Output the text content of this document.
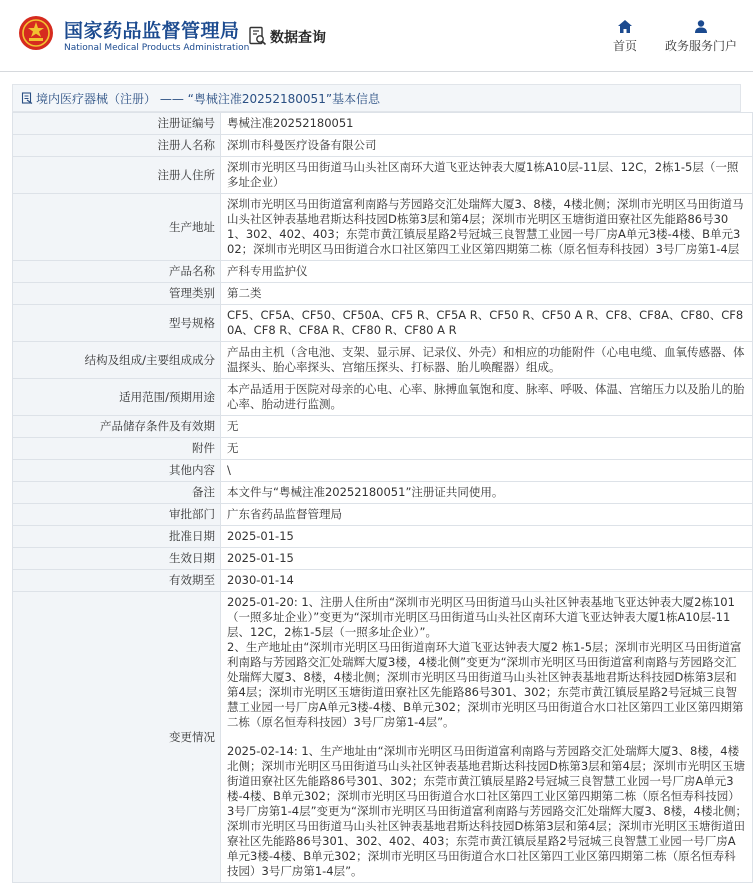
国家药品监督管理局
National Medical Products Administration
数据查询	首页	政务服务门户
境内医疗器械（注册） —— “粤械注准20252180051”基本信息
注册证编号	粤械注准20252180051
注册人名称	深圳市科曼医疗设备有限公司
注册人住所	深圳市光明区马田街道马山头社区南环大道飞亚达钟表大厦1栋A10层-11层、12C，2栋1-5层（一照多址企业）
生产地址	深圳市光明区马田街道富利南路与芳园路交汇处瑞辉大厦3、8楼，4楼北侧；深圳市光明区马田街道马山头社区钟表基地君斯达科技园D栋第3层和第4层；深圳市光明区玉塘街道田寮社区先能路86号301、302、402、403；东莞市黄江镇辰星路2号冠城三良智慧工业园一号厂房A单元3楼-4楼、B单元302；深圳市光明区马田街道合水口社区第四工业区第四期第二栋（原名恒寿科技园）3号厂房第1-4层
产品名称	产科专用监护仪
管理类别	第二类
型号规格	CF5、CF5A、CF50、CF50A、CF5 R、CF5A R、CF50 R、CF50 A R、CF8、CF8A、CF80、CF80A、CF8 R、CF8A R、CF80 R、CF80 A R
结构及组成/主要组成成分	产品由主机（含电池、支架、显示屏、记录仪、外壳）和相应的功能附件（心电电缆、血氧传感器、体温探头、胎心率探头、宫缩压探头、打标器、胎儿唤醒器）组成。
适用范围/预期用途	本产品适用于医院对母亲的心电、心率、脉搏血氧饱和度、脉率、呼吸、体温、宫缩压力以及胎儿的胎心率、胎动进行监测。
产品储存条件及有效期	无
附件	无
其他内容	\
备注	本文件与“粤械注准20252180051”注册证共同使用。
审批部门	广东省药品监督管理局
批准日期	2025-01-15
生效日期	2025-01-15
有效期至	2030-01-14
变更情况	2025-01-20: 1、注册人住所由“深圳市光明区马田街道马山头社区钟表基地飞亚达钟表大厦2栋101（一照多址企业）”变更为“深圳市光明区马田街道马山头社区南环大道飞亚达钟表大厦1栋A10层-11层、12C，2栋1-5层（一照多址企业）”。
2、生产地址由“深圳市光明区马田街道南环大道飞亚达钟表大厦2 栋1-5层；深圳市光明区马田街道富利南路与芳园路交汇处瑞辉大厦3楼，4楼北侧”变更为“深圳市光明区马田街道富利南路与芳园路交汇处瑞辉大厦3、8楼，4楼北侧；深圳市光明区马田街道马山头社区钟表基地君斯达科技园D栋第3层和第4层；深圳市光明区玉塘街道田寮社区先能路86号301、302；东莞市黄江镇辰星路2号冠城三良智慧工业园一号厂房A单元3楼-4楼、B单元302；深圳市光明区马田街道合水口社区第四工业区第四期第二栋（原名恒寿科技园）3号厂房第1-4层”。
2025-02-14: 1、生产地址由“深圳市光明区马田街道富利南路与芳园路交汇处瑞辉大厦3、8楼，4楼北侧；深圳市光明区马田街道马山头社区钟表基地君斯达科技园D栋第3层和第4层；深圳市光明区玉塘街道田寮社区先能路86号301、302；东莞市黄江镇辰星路2号冠城三良智慧工业园一号厂房A单元3楼-4楼、B单元302；深圳市光明区马田街道合水口社区第四工业区第四期第二栋（原名恒寿科技园）3号厂房第1-4层”变更为“深圳市光明区马田街道富利南路与芳园路交汇处瑞辉大厦3、8楼，4楼北侧；深圳市光明区马田街道马山头社区钟表基地君斯达科技园D栋第3层和第4层；深圳市光明区玉塘街道田寮社区先能路86号301、302、402、403；东莞市黄江镇辰星路2号冠城三良智慧工业园一号厂房A单元3楼-4楼、B单元302；深圳市光明区马田街道合水口社区第四工业区第四期第二栋（原名恒寿科技园）3号厂房第1-4层”。
